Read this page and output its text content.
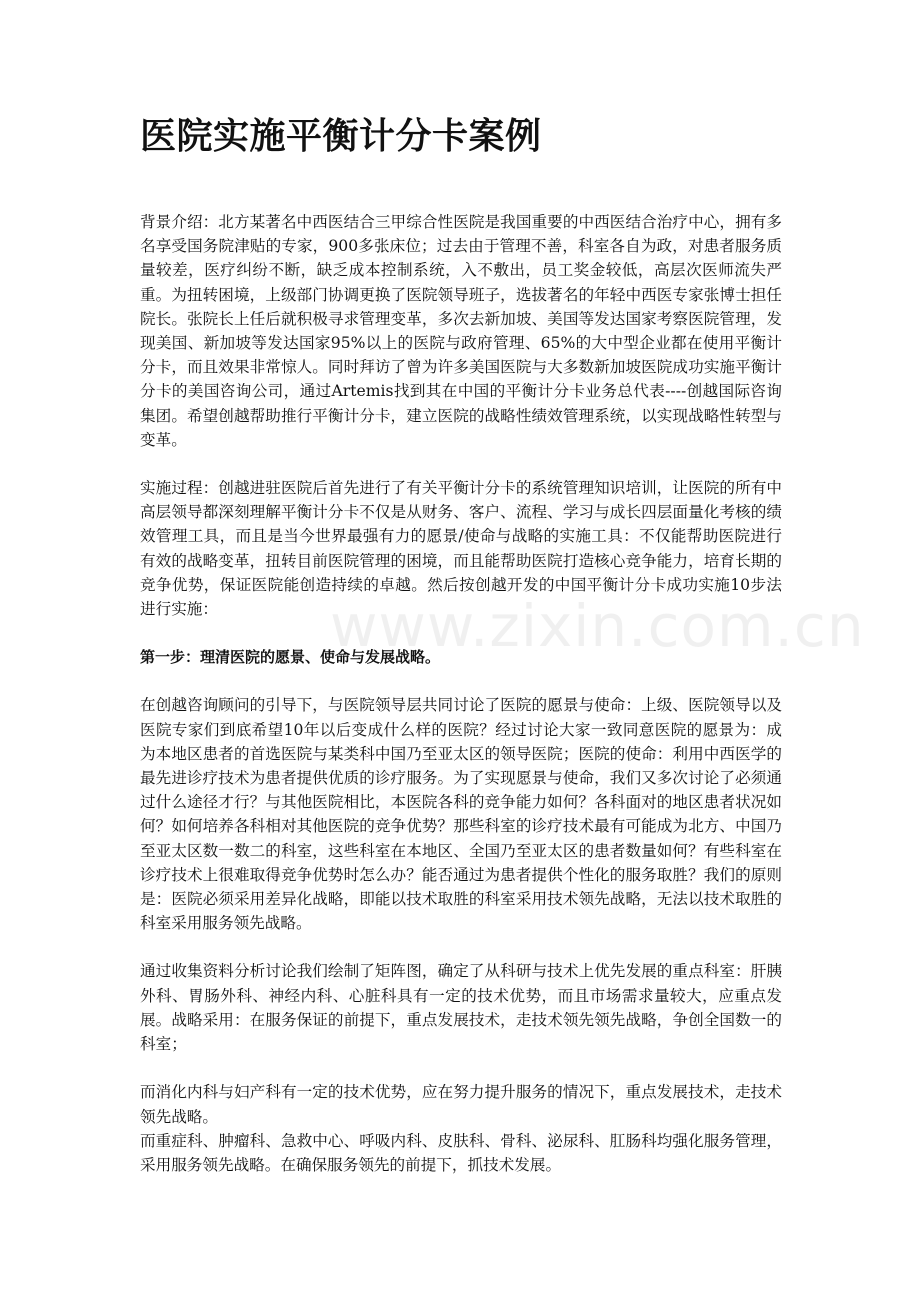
医院实施平衡计分卡案例

背景介绍：北方某著名中西医结合三甲综合性医院是我国重要的中西医结合治疗中心，拥有多名享受国务院津贴的专家，900多张床位；过去由于管理不善，科室各自为政，对患者服务质量较差，医疗纠纷不断，缺乏成本控制系统，入不敷出，员工奖金较低，高层次医师流失严重。为扭转困境，上级部门协调更换了医院领导班子，选拔著名的年轻中西医专家张博士担任院长。张院长上任后就积极寻求管理变革，多次去新加坡、美国等发达国家考察医院管理，发现美国、新加坡等发达国家95%以上的医院与政府管理、65%的大中型企业都在使用平衡计分卡，而且效果非常惊人。同时拜访了曾为许多美国医院与大多数新加坡医院成功实施平衡计分卡的美国咨询公司，通过Artemis找到其在中国的平衡计分卡业务总代表----创越国际咨询集团。希望创越帮助推行平衡计分卡，建立医院的战略性绩效管理系统，以实现战略性转型与变革。

实施过程：创越进驻医院后首先进行了有关平衡计分卡的系统管理知识培训，让医院的所有中高层领导都深刻理解平衡计分卡不仅是从财务、客户、流程、学习与成长四层面量化考核的绩效管理工具，而且是当今世界最强有力的愿景/使命与战略的实施工具：不仅能帮助医院进行有效的战略变革，扭转目前医院管理的困境，而且能帮助医院打造核心竞争能力，培育长期的竞争优势，保证医院能创造持续的卓越。然后按创越开发的中国平衡计分卡成功实施10步法进行实施：

第一步：理清医院的愿景、使命与发展战略。

在创越咨询顾问的引导下，与医院领导层共同讨论了医院的愿景与使命：上级、医院领导以及医院专家们到底希望10年以后变成什么样的医院？经过讨论大家一致同意医院的愿景为：成为本地区患者的首选医院与某类科中国乃至亚太区的领导医院；医院的使命：利用中西医学的最先进诊疗技术为患者提供优质的诊疗服务。为了实现愿景与使命，我们又多次讨论了必须通过什么途径才行？与其他医院相比，本医院各科的竞争能力如何？各科面对的地区患者状况如何？如何培养各科相对其他医院的竞争优势？那些科室的诊疗技术最有可能成为北方、中国乃至亚太区数一数二的科室，这些科室在本地区、全国乃至亚太区的患者数量如何？有些科室在诊疗技术上很难取得竞争优势时怎么办？能否通过为患者提供个性化的服务取胜？我们的原则是：医院必须采用差异化战略，即能以技术取胜的科室采用技术领先战略，无法以技术取胜的科室采用服务领先战略。

通过收集资料分析讨论我们绘制了矩阵图，确定了从科研与技术上优先发展的重点科室：肝胰外科、胃肠外科、神经内科、心脏科具有一定的技术优势，而且市场需求量较大，应重点发展。战略采用：在服务保证的前提下，重点发展技术，走技术领先领先战略，争创全国数一的科室；

而消化内科与妇产科有一定的技术优势，应在努力提升服务的情况下，重点发展技术，走技术领先战略。

而重症科、肿瘤科、急救中心、呼吸内科、皮肤科、骨科、泌尿科、肛肠科均强化服务管理，采用服务领先战略。在确保服务领先的前提下，抓技术发展。

www.zixin.com.cn
